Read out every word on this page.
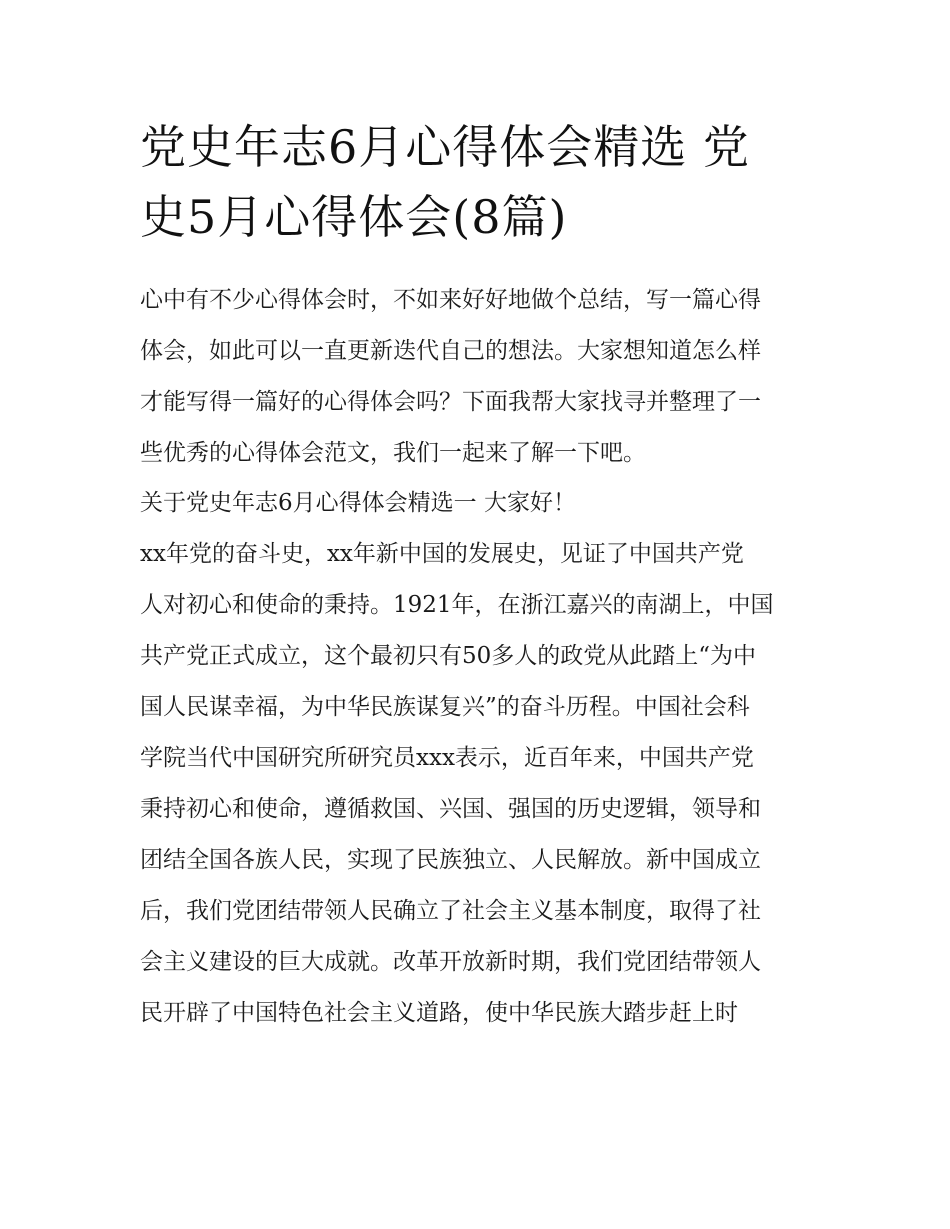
党史年志6月心得体会精选 党
史5月心得体会(8篇)
心中有不少心得体会时，不如来好好地做个总结，写一篇心得
体会，如此可以一直更新迭代自己的想法。大家想知道怎么样
才能写得一篇好的心得体会吗？下面我帮大家找寻并整理了一
些优秀的心得体会范文，我们一起来了解一下吧。
关于党史年志6月心得体会精选一 大家好！
xx年党的奋斗史，xx年新中国的发展史，见证了中国共产党
人对初心和使命的秉持。1921年，在浙江嘉兴的南湖上，中国
共产党正式成立，这个最初只有50多人的政党从此踏上“为中
国人民谋幸福，为中华民族谋复兴”的奋斗历程。中国社会科
学院当代中国研究所研究员xxx表示，近百年来，中国共产党
秉持初心和使命，遵循救国、兴国、强国的历史逻辑，领导和
团结全国各族人民，实现了民族独立、人民解放。新中国成立
后，我们党团结带领人民确立了社会主义基本制度，取得了社
会主义建设的巨大成就。改革开放新时期，我们党团结带领人
民开辟了中国特色社会主义道路，使中华民族大踏步赶上时
